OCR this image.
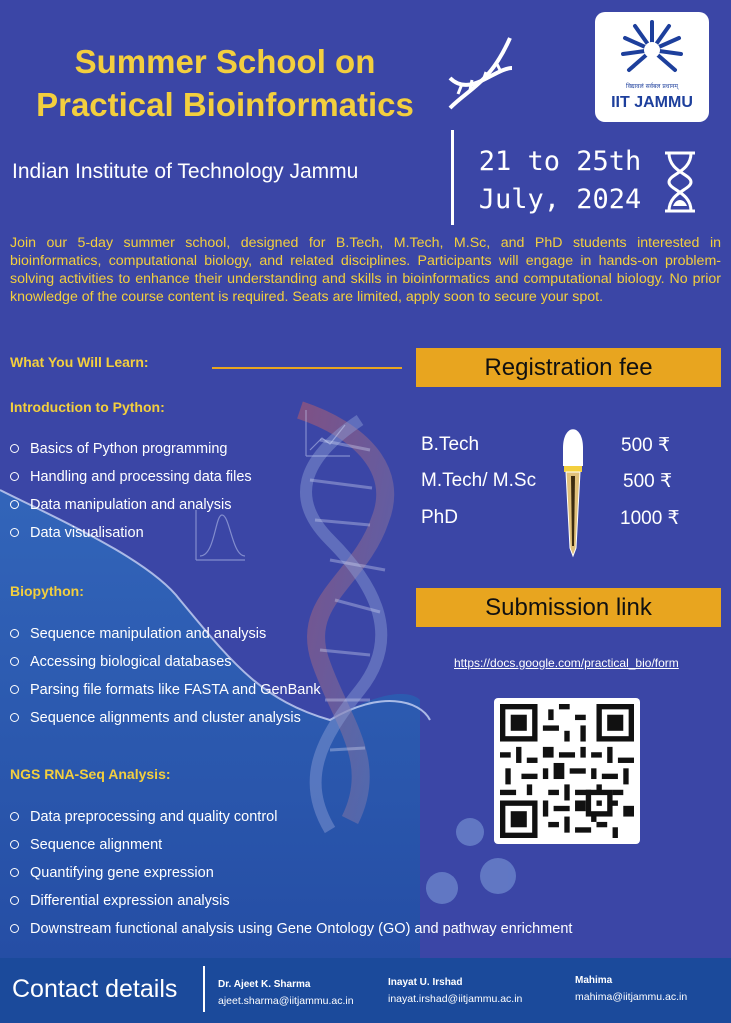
Summer School on
Practical Bioinformatics	विद्यावलं सर्वबल प्रधानम्
IIT JAMMU
Indian Institute of Technology Jammu	21 to 25th
July, 2024

Join our 5-day summer school, designed for B.Tech, M.Tech, M.Sc, and PhD students interested in bioinformatics, computational biology, and related disciplines. Participants will engage in hands-on problem-solving activities to enhance their understanding and skills in bioinformatics and computational biology. No prior knowledge of the course content is required. Seats are limited, apply soon to secure your spot.

What You Will Learn:
Introduction to Python:
Basics of Python programming
Handling and processing data files
Data manipulation and analysis
Data visualisation
Biopython:
Sequence manipulation and analysis
Accessing biological databases
Parsing file formats like FASTA and GenBank
Sequence alignments and cluster analysis
NGS RNA-Seq Analysis:
Data preprocessing and quality control
Sequence alignment
Quantifying gene expression
Differential expression analysis
Downstream functional analysis using Gene Ontology (GO) and pathway enrichment
Registration fee
B.Tech	500 ₹
M.Tech/ M.Sc	500 ₹
PhD	1000 ₹
Submission link
https://docs.google.com/practical_bio/form
Contact details	Dr. Ajeet K. Sharma
ajeet.sharma@iitjammu.ac.in
Inayat U. Irshad
inayat.irshad@iitjammu.ac.in
Mahima
mahima@iitjammu.ac.in
